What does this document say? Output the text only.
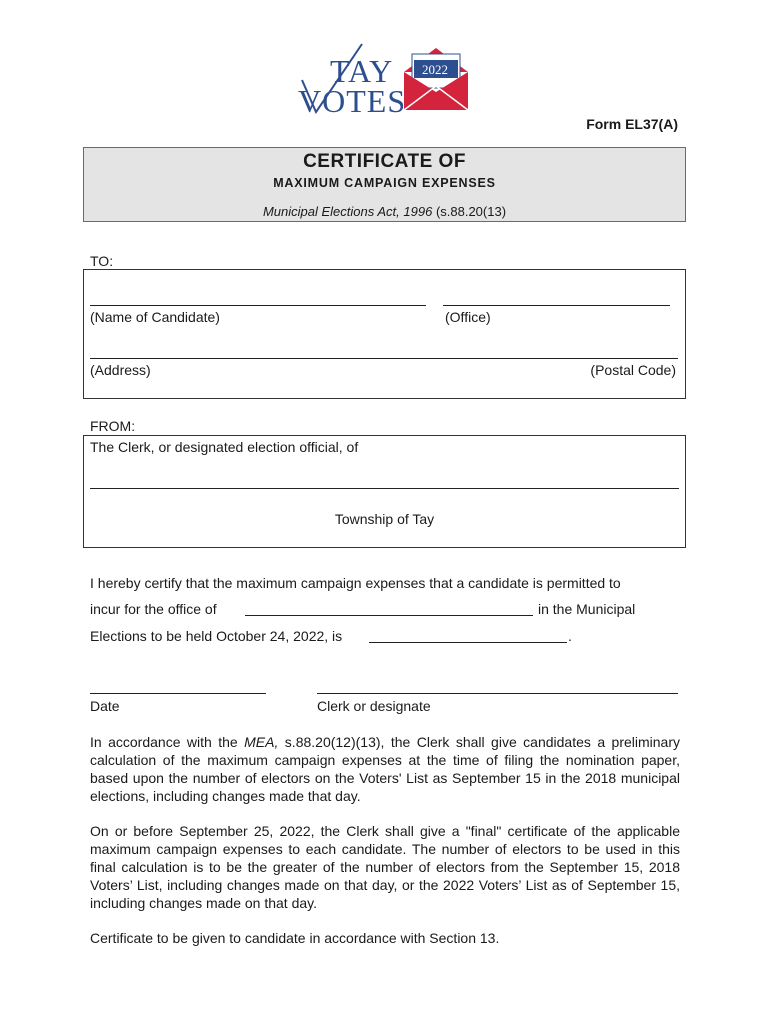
TAY
VOTES
2022
Form EL37(A)
CERTIFICATE OF
MAXIMUM CAMPAIGN EXPENSES
Municipal Elections Act, 1996 (s.88.20(13)
TO:
(Name of Candidate)	(Office)
(Address)	(Postal Code)
FROM:
The Clerk, or designated election official, of
Township of Tay
I hereby certify that the maximum campaign expenses that a candidate is permitted to
incur for the office of	in the Municipal
Elections to be held October 24, 2022, is	.
Date	Clerk or designate
In accordance with the MEA, s.88.20(12)(13), the Clerk shall give candidates a preliminary calculation of the maximum campaign expenses at the time of filing the nomination paper, based upon the number of electors on the Voters' List as September 15 in the 2018 municipal elections, including changes made that day.
On or before September 25, 2022, the Clerk shall give a "final" certificate of the applicable maximum campaign expenses to each candidate. The number of electors to be used in this final calculation is to be the greater of the number of electors from the September 15, 2018 Voters’ List, including changes made on that day, or the 2022 Voters’ List as of September 15, including changes made on that day.
Certificate to be given to candidate in accordance with Section 13.
